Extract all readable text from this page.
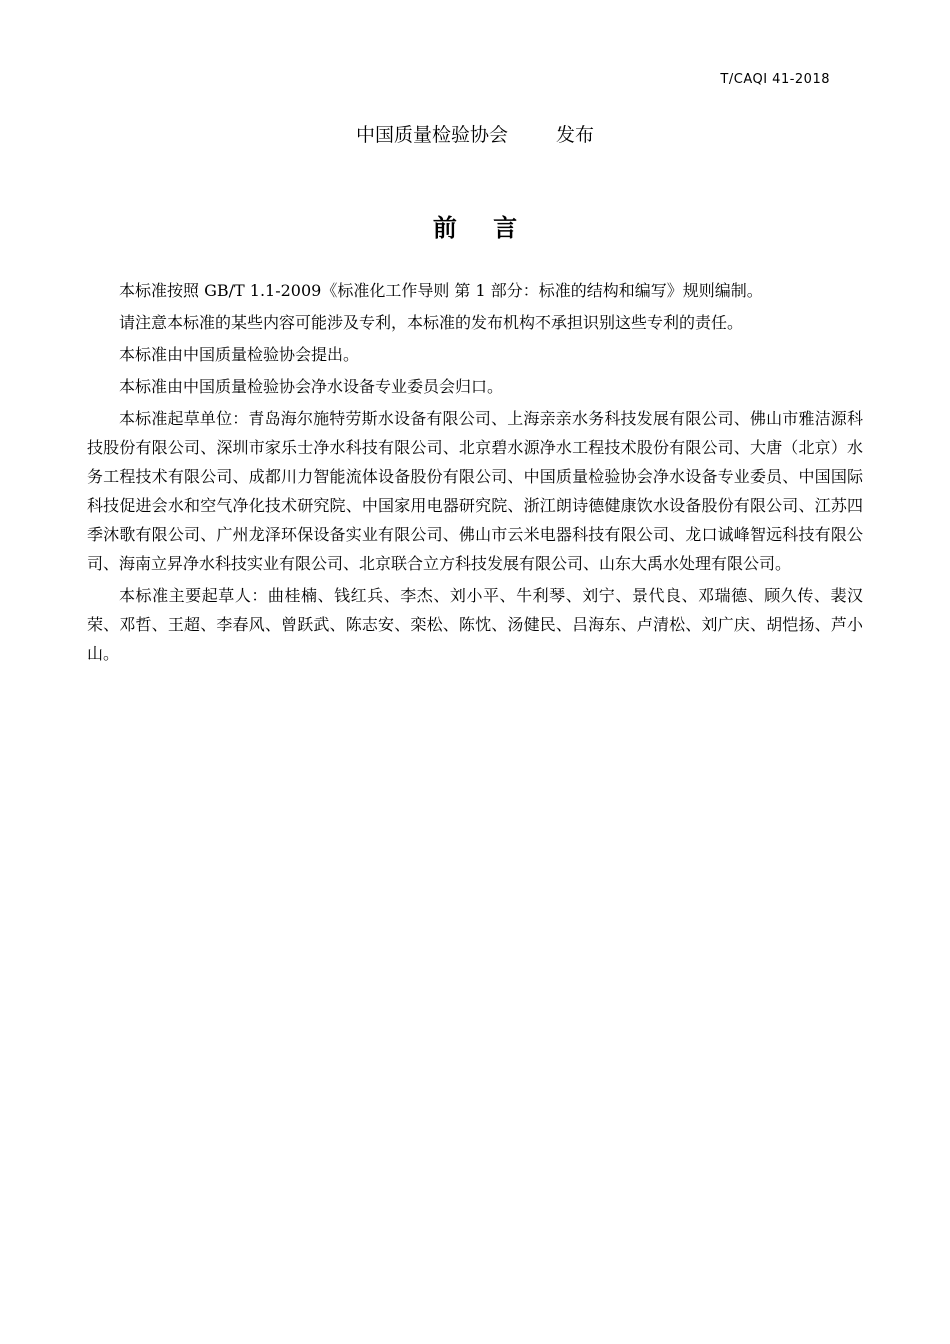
T/CAQI 41-2018
中国质量检验协会	发布
前 言

本标准按照 GB/T 1.1-2009《标准化工作导则 第 1 部分：标准的结构和编写》规则编制。

请注意本标准的某些内容可能涉及专利，本标准的发布机构不承担识别这些专利的责任。

本标准由中国质量检验协会提出。

本标准由中国质量检验协会净水设备专业委员会归口。

本标准起草单位：青岛海尔施特劳斯水设备有限公司、上海亲亲水务科技发展有限公司、佛山市雅洁源科技股份有限公司、深圳市家乐士净水科技有限公司、北京碧水源净水工程技术股份有限公司、大唐（北京）水务工程技术有限公司、成都川力智能流体设备股份有限公司、中国质量检验协会净水设备专业委员、中国国际科技促进会水和空气净化技术研究院、中国家用电器研究院、浙江朗诗德健康饮水设备股份有限公司、江苏四季沐歌有限公司、广州龙泽环保设备实业有限公司、佛山市云米电器科技有限公司、龙口诚峰智远科技有限公司、海南立昇净水科技实业有限公司、北京联合立方科技发展有限公司、山东大禹水处理有限公司。

本标准主要起草人：曲桂楠、钱红兵、李杰、刘小平、牛利琴、刘宁、景代良、邓瑞德、顾久传、裴汉荣、邓哲、王超、李春风、曾跃武、陈志安、栾松、陈忱、汤健民、吕海东、卢清松、刘广庆、胡恺扬、芦小山。
